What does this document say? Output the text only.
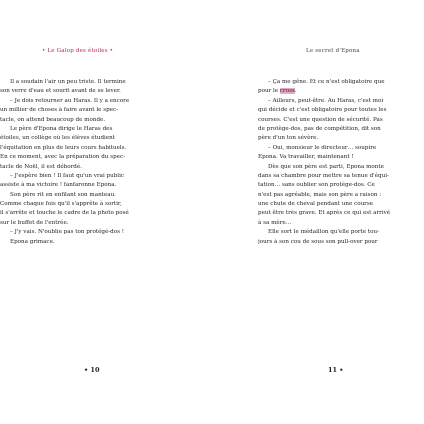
• Le Galop des étoiles •
Il a soudain l'air un peu triste. Il termine
son verre d'eau et sourit avant de se lever.
– Je dois retourner au Haras. Il y a encore
un millier de choses à faire avant le spec-
tacle, on attend beaucoup de monde.
Le père d'Epona dirige le Haras des
étoiles, un collège où les élèves étudient
l'équitation en plus de leurs cours habituels.
En ce moment, avec la préparation du spec-
tacle de Noël, il est débordé.
– J'espère bien ! Il faut qu'un vrai public
assiste à ma victoire ! fanfaronne Epona.
Son père rit en enfilant son manteau.
Comme chaque fois qu'il s'apprête à sortir,
il s'arrête et touche le cadre de la photo posé
sur le buffet de l'entrée.
– J'y vais. N'oublie pas ton protégé-dos !
Epona grimace.
• 10
Le secret d'Epona
– Ça me gêne. Et ce n'est obligatoire que
pour le cross.
– Ailleurs, peut-être. Au Haras, c'est moi
qui décide et c'est obligatoire pour toutes les
courses. C'est une question de sécurité. Pas
de protège-dos, pas de compétition, dit son
père d'un ton sévère.
– Oui, monsieur le directeur… soupire
Epona. Va travailler, maintenant !
Dès que son père est parti, Epona monte
dans sa chambre pour mettre sa tenue d'équi-
tation… sans oublier son protège-dos. Ce
n'est pas agréable, mais son père a raison :
une chute de cheval pendant une course
peut être très grave. Et après ce qui est arrivé
à sa mère…
Elle sort le médaillon qu'elle porte tou-
jours à son cou de sous son pull-over pour
11 •
